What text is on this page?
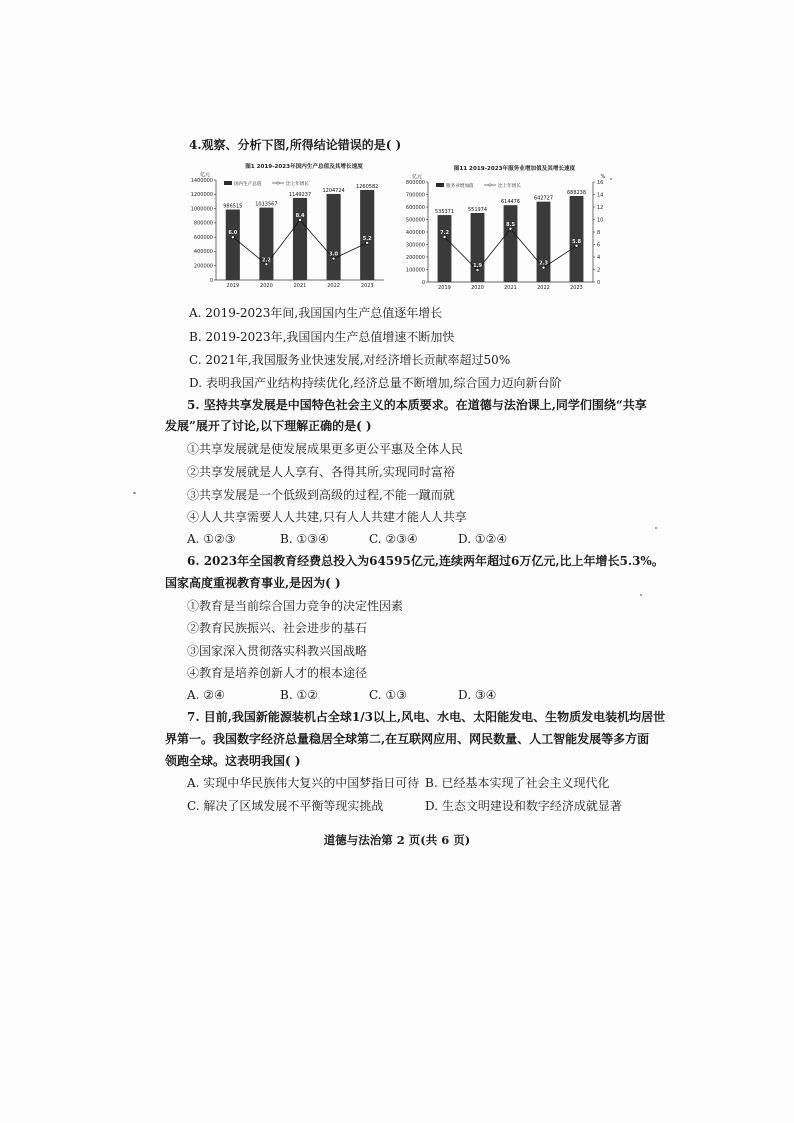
4.观察、分析下图,所得结论错误的是( )
图1 2019-2023年国内生产总值及其增长速度
亿元
0
200000
400000
600000
800000
1000000
1200000
1400000
国内生产总值	比上年增长
986515
2019
1013567
2020
1149237
2021
1204724
2022
1260582
2023
6.0
2.2
8.4
3.0
5.2
图11 2019-2023年服务业增加值及其增长速度
亿元	%
0
100000
200000
300000
400000
500000
600000
700000
800000
0
2
4
6
8
10
12
14
16
服务业增加值	比上年增长
535371
2019
551974
2020
614476
2021
642727
2022
688238
2023
7.2
1.9
8.5
2.3
5.8
A. 2019-2023年间,我国国内生产总值逐年增长
B. 2019-2023年,我国国内生产总值增速不断加快
C. 2021年,我国服务业快速发展,对经济增长贡献率超过50%
D. 表明我国产业结构持续优化,经济总量不断增加,综合国力迈向新台阶
5. 坚持共享发展是中国特色社会主义的本质要求。在道德与法治课上,同学们围绕“共享
发展”展开了讨论,以下理解正确的是( )
①共享发展就是使发展成果更多更公平惠及全体人民
②共享发展就是人人享有、各得其所,实现同时富裕
③共享发展是一个低级到高级的过程,不能一蹴而就
④人人共享需要人人共建,只有人人共建才能人人共享
A. ①②③	B. ①③④	C. ②③④	D. ①②④
6. 2023年全国教育经费总投入为64595亿元,连续两年超过6万亿元,比上年增长5.3%。
国家高度重视教育事业,是因为( )
①教育是当前综合国力竞争的决定性因素
②教育民族振兴、社会进步的基石
③国家深入贯彻落实科教兴国战略
④教育是培养创新人才的根本途径
A. ②④	B. ①②	C. ①③	D. ③④
7. 目前,我国新能源装机占全球1/3以上,风电、水电、太阳能发电、生物质发电装机均居世
界第一。我国数字经济总量稳居全球第二,在互联网应用、网民数量、人工智能发展等多方面
领跑全球。这表明我国( )
A. 实现中华民族伟大复兴的中国梦指日可待 B. 已经基本实现了社会主义现代化
C. 解决了区域发展不平衡等现实挑战	D. 生态文明建设和数字经济成就显著
道德与法治第 2 页(共 6 页)
